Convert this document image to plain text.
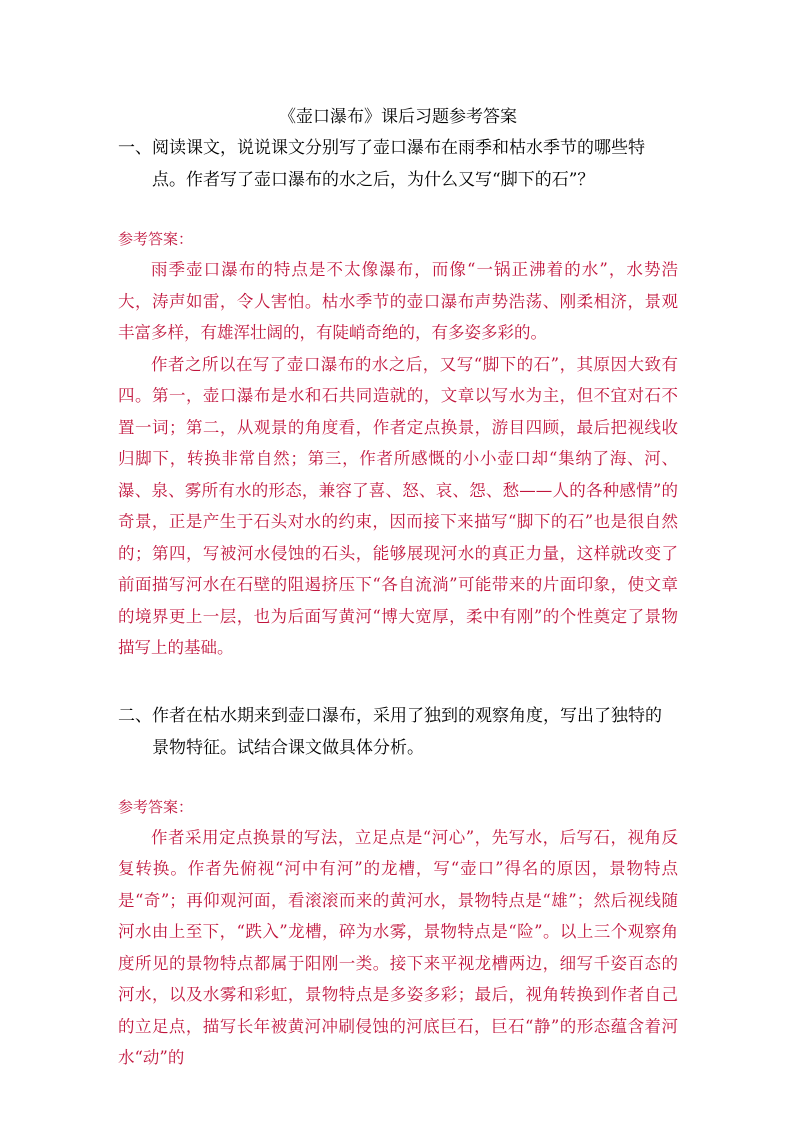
《壶口瀑布》课后习题参考答案

一、阅读课文，说说课文分别写了壶口瀑布在雨季和枯水季节的哪些特点。作者写了壶口瀑布的水之后，为什么又写“脚下的石”？

参考答案：

雨季壶口瀑布的特点是不太像瀑布，而像“一锅正沸着的水”，水势浩大，涛声如雷，令人害怕。枯水季节的壶口瀑布声势浩荡、刚柔相济，景观丰富多样，有雄浑壮阔的，有陡峭奇绝的，有多姿多彩的。

作者之所以在写了壶口瀑布的水之后，又写“脚下的石”，其原因大致有四。第一，壶口瀑布是水和石共同造就的，文章以写水为主，但不宜对石不置一词；第二，从观景的角度看，作者定点换景，游目四顾，最后把视线收归脚下，转换非常自然；第三，作者所感慨的小小壶口却“集纳了海、河、瀑、泉、雾所有水的形态，兼容了喜、怒、哀、怨、愁——人的各种感情”的奇景，正是产生于石头对水的约束，因而接下来描写“脚下的石”也是很自然的；第四，写被河水侵蚀的石头，能够展现河水的真正力量，这样就改变了前面描写河水在石壁的阻遏挤压下“各自流淌”可能带来的片面印象，使文章的境界更上一层，也为后面写黄河“博大宽厚，柔中有刚”的个性奠定了景物描写上的基础。

二、作者在枯水期来到壶口瀑布，采用了独到的观察角度，写出了独特的景物特征。试结合课文做具体分析。

参考答案：

作者采用定点换景的写法，立足点是“河心”，先写水，后写石，视角反复转换。作者先俯视“河中有河”的龙槽，写“壶口”得名的原因，景物特点是“奇”；再仰观河面，看滚滚而来的黄河水，景物特点是“雄”；然后视线随河水由上至下，“跌入”龙槽，碎为水雾，景物特点是“险”。以上三个观察角度所见的景物特点都属于阳刚一类。接下来平视龙槽两边，细写千姿百态的河水，以及水雾和彩虹，景物特点是多姿多彩；最后，视角转换到作者自己的立足点，描写长年被黄河冲刷侵蚀的河底巨石，巨石“静”的形态蕴含着河水“动”的
